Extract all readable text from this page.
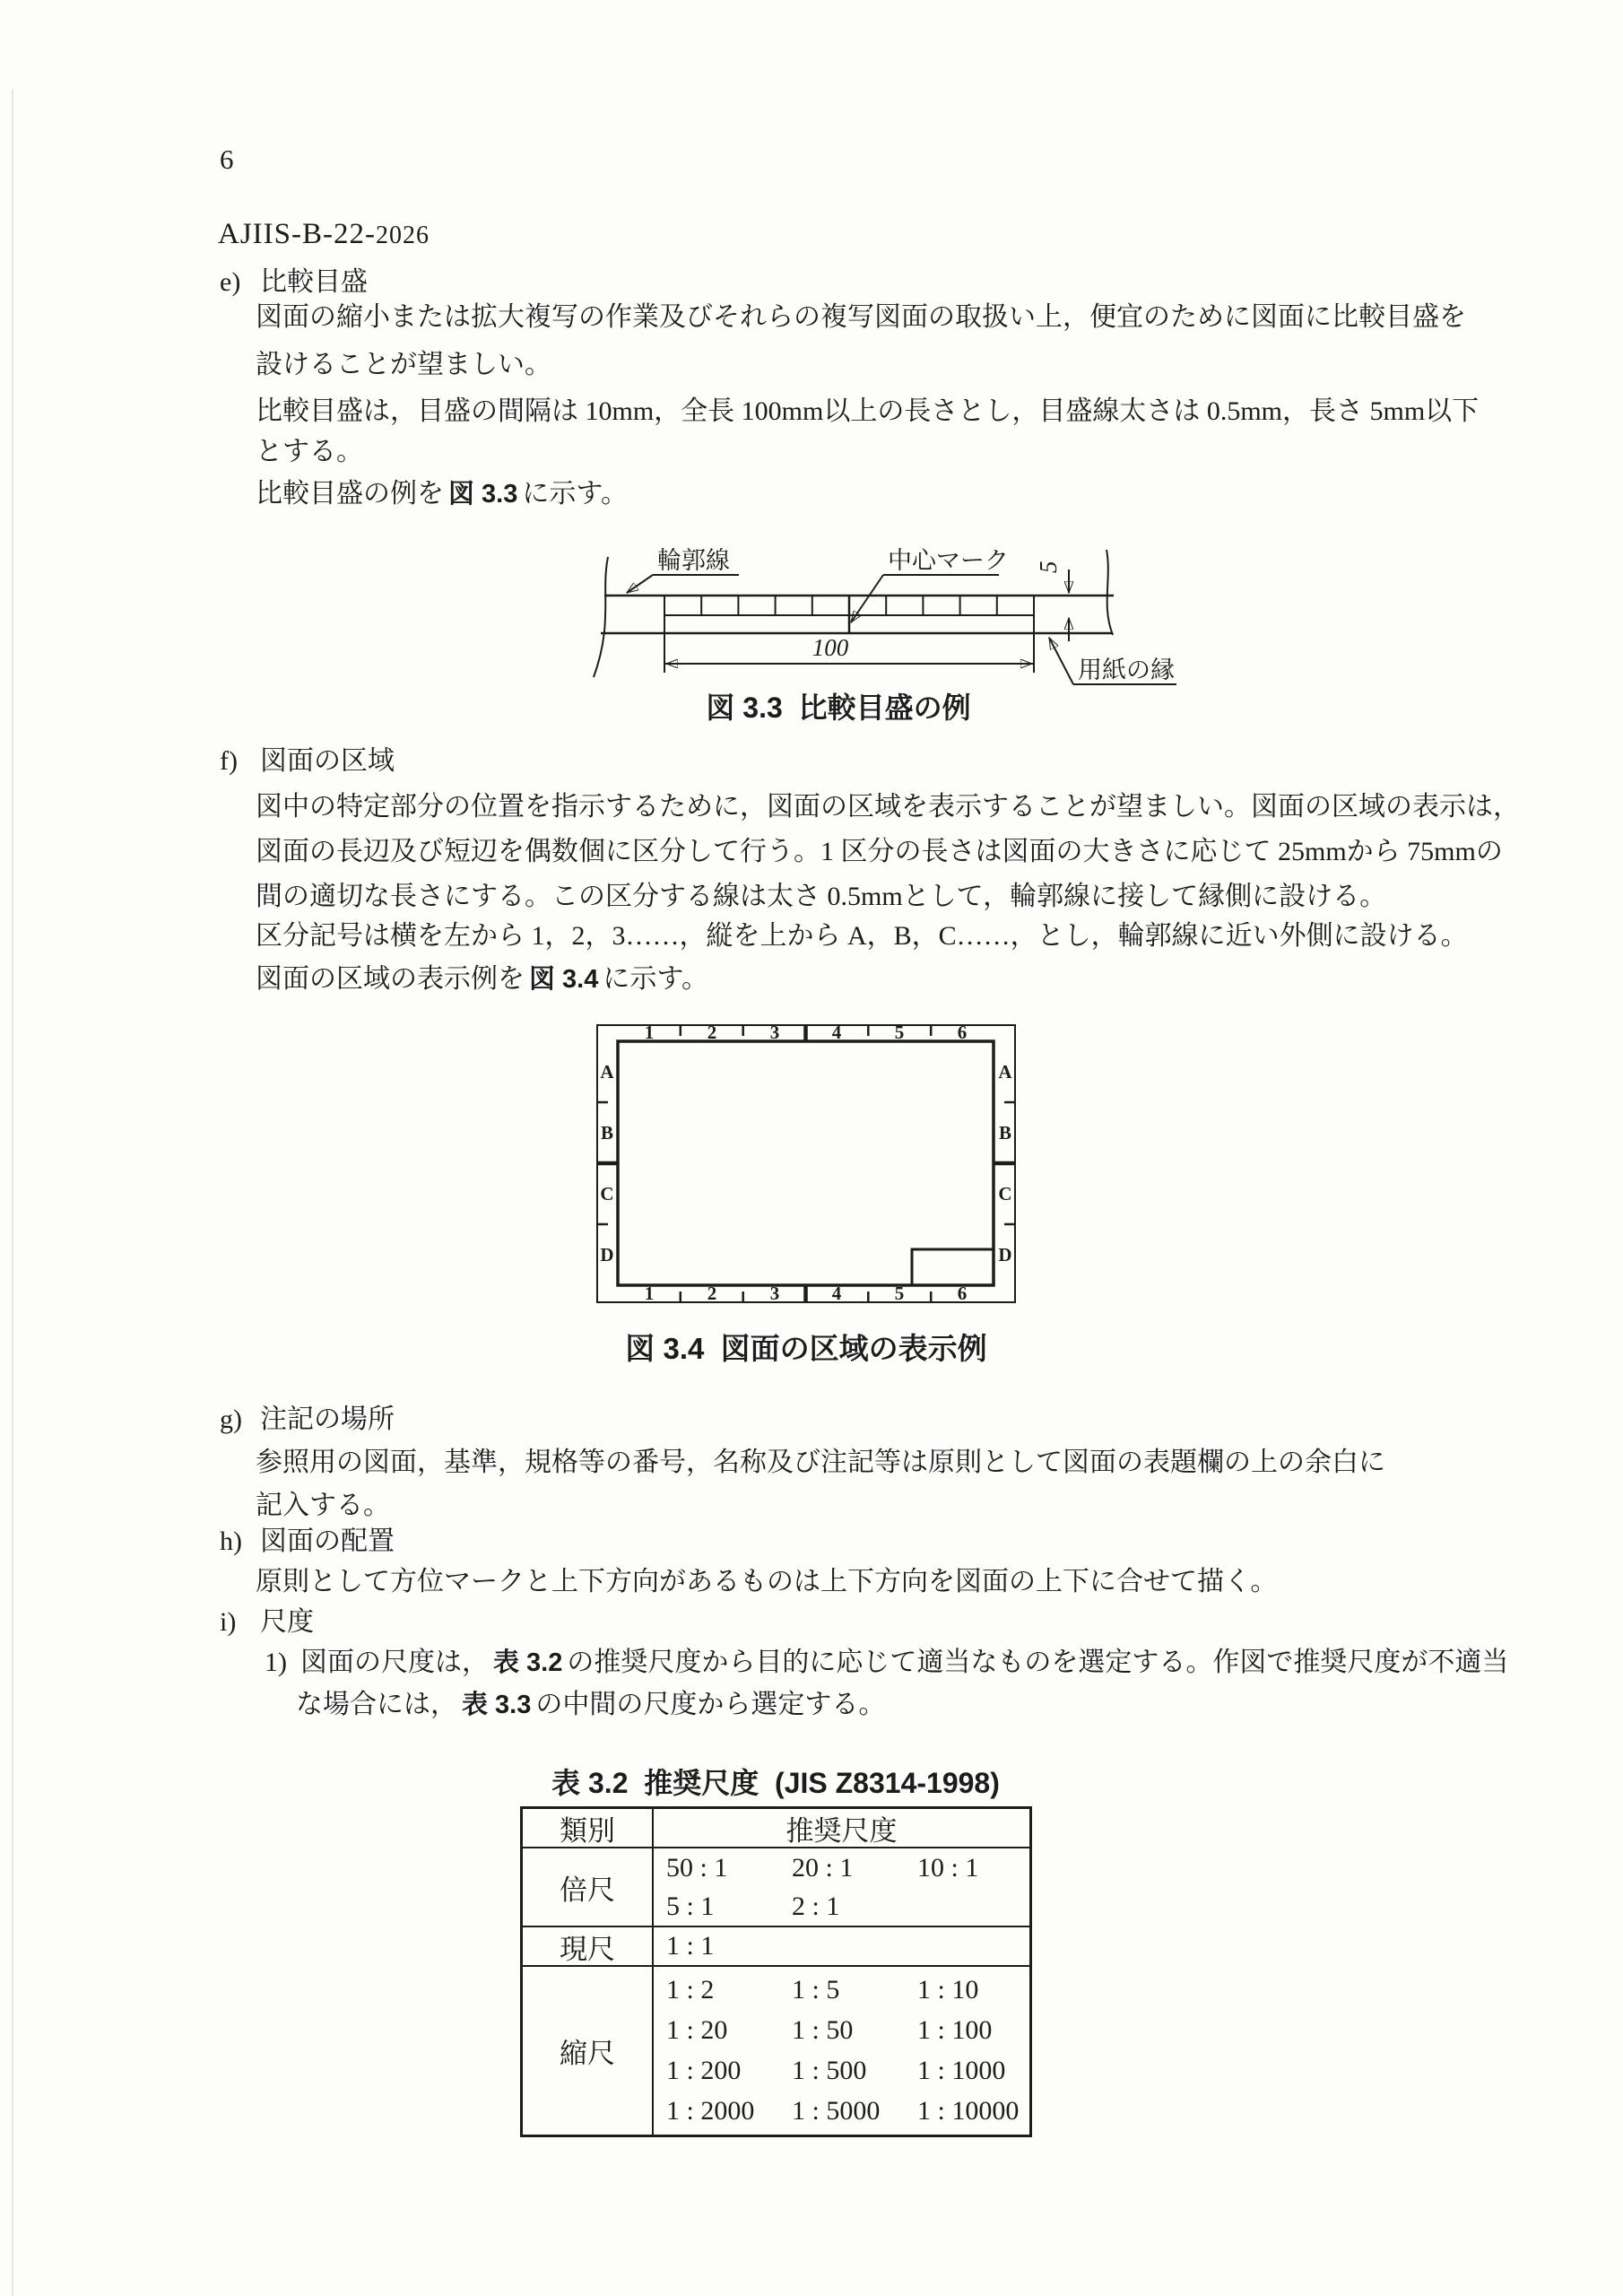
6
AJIIS-B-22-2026
e) 比較目盛
図面の縮小または拡大複写の作業及びそれらの複写図面の取扱い上，便宜のために図面に比較目盛を
設けることが望ましい。
比較目盛は，目盛の間隔は 10mm，全長 100mm以上の長さとし，目盛線太さは 0.5mm，長さ 5mm以下
とする。
比較目盛の例を 図 3.3 に示す。
輪郭線	中心マーク 5
100
用紙の縁
図 3.3  比較目盛の例
f) 図面の区域
図中の特定部分の位置を指示するために，図面の区域を表示することが望ましい。図面の区域の表示は，
図面の長辺及び短辺を偶数個に区分して行う。1 区分の長さは図面の大きさに応じて 25mmから 75mmの
間の適切な長さにする。この区分する線は太さ 0.5mmとして，輪郭線に接して縁側に設ける。
区分記号は横を左から 1，2，3……，縦を上から A，B，C……，とし，輪郭線に近い外側に設ける。
図面の区域の表示例を 図 3.4 に示す。
1	2	3	4	5	6
1	2	3	4	5	6
A
B
C
D
A
B
C
D
図 3.4  図面の区域の表示例
g) 注記の場所
参照用の図面，基準，規格等の番号，名称及び注記等は原則として図面の表題欄の上の余白に
記入する。
h) 図面の配置
原則として方位マークと上下方向があるものは上下方向を図面の上下に合せて描く。
i) 尺度
1) 図面の尺度は， 表 3.2 の推奨尺度から目的に応じて適当なものを選定する。作図で推奨尺度が不適当
な場合には， 表 3.3 の中間の尺度から選定する。
表 3.2  推奨尺度  (JIS Z8314-1998)
類別	推奨尺度
倍尺
50 : 1	20 : 1	10 : 1
5 : 1	2 : 1
現尺	1 : 1
縮尺
1 : 2	1 : 5	1 : 10
1 : 20	1 : 50	1 : 100
1 : 200	1 : 500	1 : 1000
1 : 2000	1 : 5000	1 : 10000
